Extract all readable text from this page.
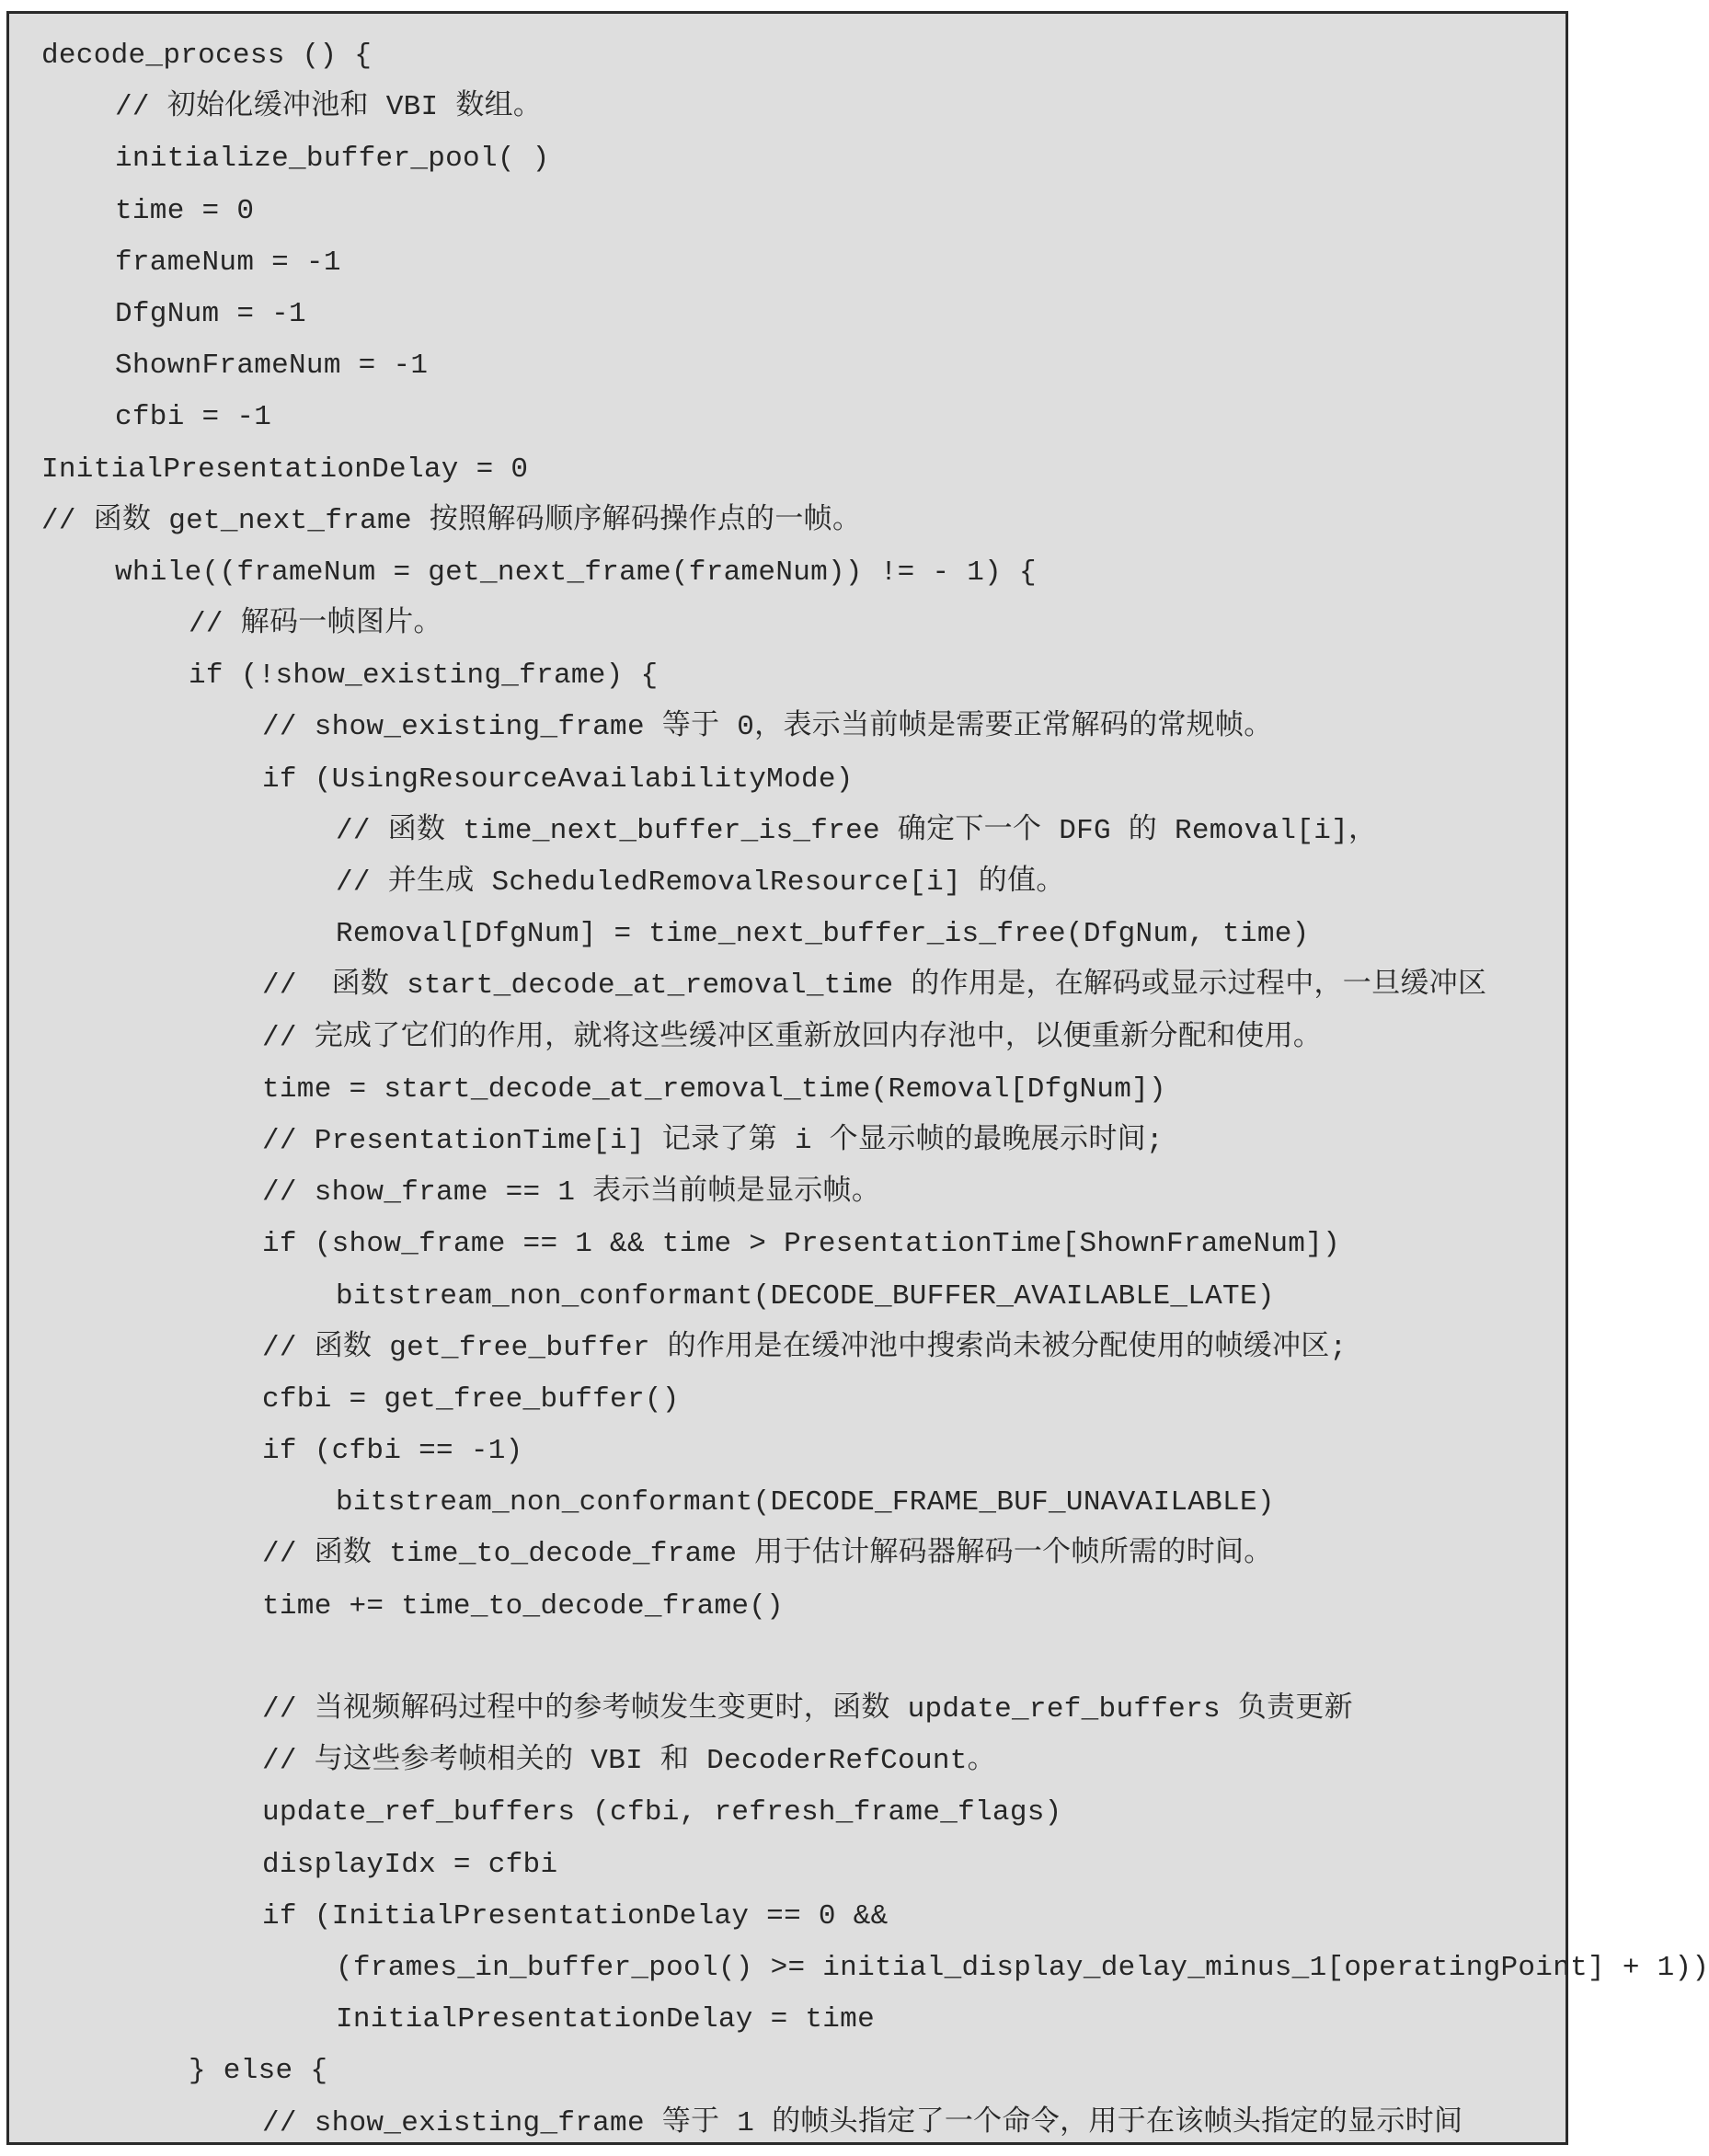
decode_process () {
// 初始化缓冲池和 VBI 数组。
initialize_buffer_pool( )
time = 0
frameNum = -1
DfgNum = -1
ShownFrameNum = -1
cfbi = -1
InitialPresentationDelay = 0
// 函数 get_next_frame 按照解码顺序解码操作点的一帧。
while((frameNum = get_next_frame(frameNum)) != - 1) {
// 解码一帧图片。
if (!show_existing_frame) {
// show_existing_frame 等于 0，表示当前帧是需要正常解码的常规帧。
if (UsingResourceAvailabilityMode)
// 函数 time_next_buffer_is_free 确定下一个 DFG 的 Removal[i]，
// 并生成 ScheduledRemovalResource[i] 的值。
Removal[DfgNum] = time_next_buffer_is_free(DfgNum, time)
//  函数 start_decode_at_removal_time 的作用是，在解码或显示过程中，一旦缓冲区
// 完成了它们的作用，就将这些缓冲区重新放回内存池中，以便重新分配和使用。
time = start_decode_at_removal_time(Removal[DfgNum])
// PresentationTime[i] 记录了第 i 个显示帧的最晚展示时间;
// show_frame == 1 表示当前帧是显示帧。
if (show_frame == 1 && time > PresentationTime[ShownFrameNum])
bitstream_non_conformant(DECODE_BUFFER_AVAILABLE_LATE)
// 函数 get_free_buffer 的作用是在缓冲池中搜索尚未被分配使用的帧缓冲区;
cfbi = get_free_buffer()
if (cfbi == -1)
bitstream_non_conformant(DECODE_FRAME_BUF_UNAVAILABLE)
// 函数 time_to_decode_frame 用于估计解码器解码一个帧所需的时间。
time += time_to_decode_frame()
// 当视频解码过程中的参考帧发生变更时，函数 update_ref_buffers 负责更新
// 与这些参考帧相关的 VBI 和 DecoderRefCount。
update_ref_buffers (cfbi, refresh_frame_flags)
displayIdx = cfbi
if (InitialPresentationDelay == 0 &&
(frames_in_buffer_pool() >= initial_display_delay_minus_1[operatingPoint] + 1))
InitialPresentationDelay = time
} else {
// show_existing_frame 等于 1 的帧头指定了一个命令，用于在该帧头指定的显示时间
